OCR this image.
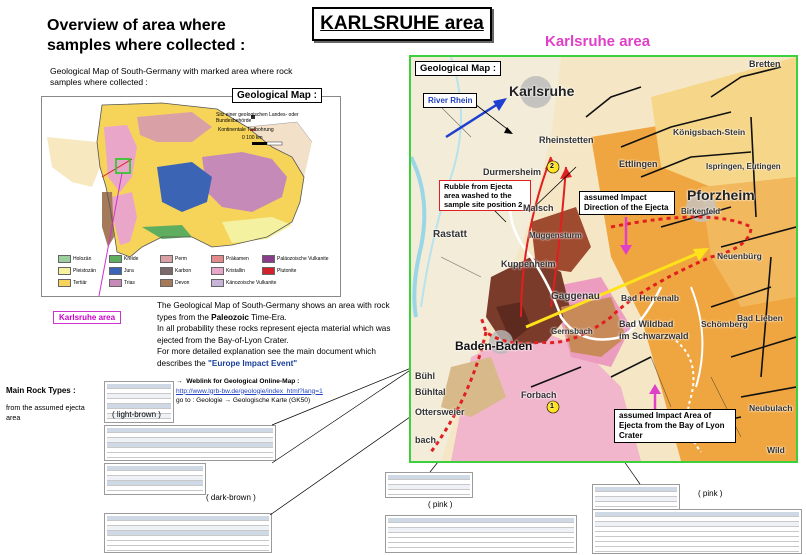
KARLSRUHE area
Overview of area where
samples where collected :
Geological Map of South-Germany with marked area where rock samples where collected :
Karlsruhe area
Sitz einer geologischen Landes- oder Bundesbehörde
Kontinentale Tiefbohrung
0 100 km
Holozän	Kreide	Perm	Präkamen	Paläozoische Vulkanite
Pleistozän	Jura	Karbon	Kristallin	Plutonite
Tertiär	Trias	Devon	Känozoische Vulkanite
Geological Map :
Karlsruhe area
The Geological Map of South-Germany shows an area with rock types from the Paleozoic Time-Era.
In all probability these rocks represent ejecta material which was ejected from the Bay-of-Lyon Crater.
For more detailed explanation see the main document which describes the "Europe Impact Event"
→  Weblink for Geological Online-Map :
http://www.lgrb-bw.de/geologie/index_html?lang=1
go to : Geologie → Geologische Karte (GK50)
Main Rock Types :
from the assumed ejecta area	( light-brown )
( dark-brown )
( pink )
( pink )
Geological Map :
River Rhein
Rubble from Ejecta area washed to the sample site position 2
assumed Impact Direction of the Ejecta
assumed Impact Area of Ejecta from the Bay of Lyon Crater
2
1
Bretten
Karlsruhe
Rheinstetten
Königsbach-Stein
Durmersheim
Ettlingen	Ispringen, Eutingen
Malsch
Pforzheim
Birkenfeld
Rastatt	Muggensturm
Kuppenheim
Neuenbürg
Gaggenau Bad Herrenalb
Schömberg
Gernsbach
Bad Wildbad
im Schwarzwald
Bad Lieben
Baden-Baden
Bühl
Bühltal	Forbach
Ottersweier
bach
Neubulach
Wild
